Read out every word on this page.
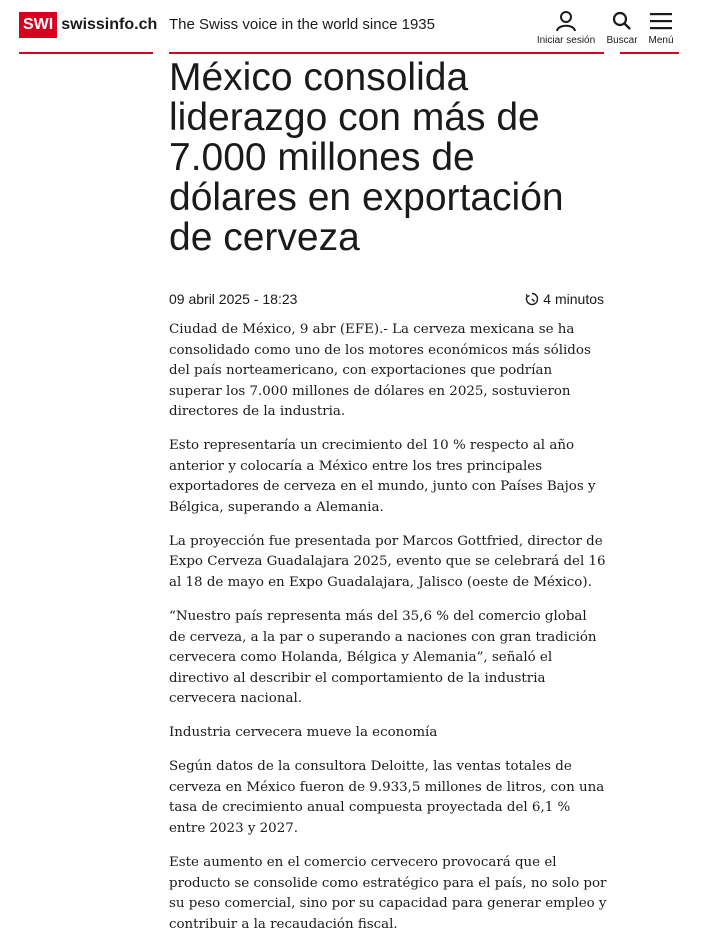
SWI swissinfo.ch The Swiss voice in the world since 1935
Iniciar sesión Buscar	Menú
México consolida liderazgo con más de 7.000 millones de dólares en exportación de cerveza
09 abril 2025 - 18:23	4 minutos

Ciudad de México, 9 abr (EFE).- La cerveza mexicana se ha consolidado como uno de los motores económicos más sólidos del país norteamericano, con exportaciones que podrían superar los 7.000 millones de dólares en 2025, sostuvieron directores de la industria.

Esto representaría un crecimiento del 10 % respecto al año anterior y colocaría a México entre los tres principales exportadores de cerveza en el mundo, junto con Países Bajos y Bélgica, superando a Alemania.

La proyección fue presentada por Marcos Gottfried, director de Expo Cerveza Guadalajara 2025, evento que se celebrará del 16 al 18 de mayo en Expo Guadalajara, Jalisco (oeste de México).

“Nuestro país representa más del 35,6 % del comercio global de cerveza, a la par o superando a naciones con gran tradición cervecera como Holanda, Bélgica y Alemania”, señaló el directivo al describir el comportamiento de la industria cervecera nacional.

Industria cervecera mueve la economía

Según datos de la consultora Deloitte, las ventas totales de cerveza en México fueron de 9.933,5 millones de litros, con una tasa de crecimiento anual compuesta proyectada del 6,1 % entre 2023 y 2027.

Este aumento en el comercio cervecero provocará que el producto se consolide como estratégico para el país, no solo por su peso comercial, sino por su capacidad para generar empleo y contribuir a la recaudación fiscal.
